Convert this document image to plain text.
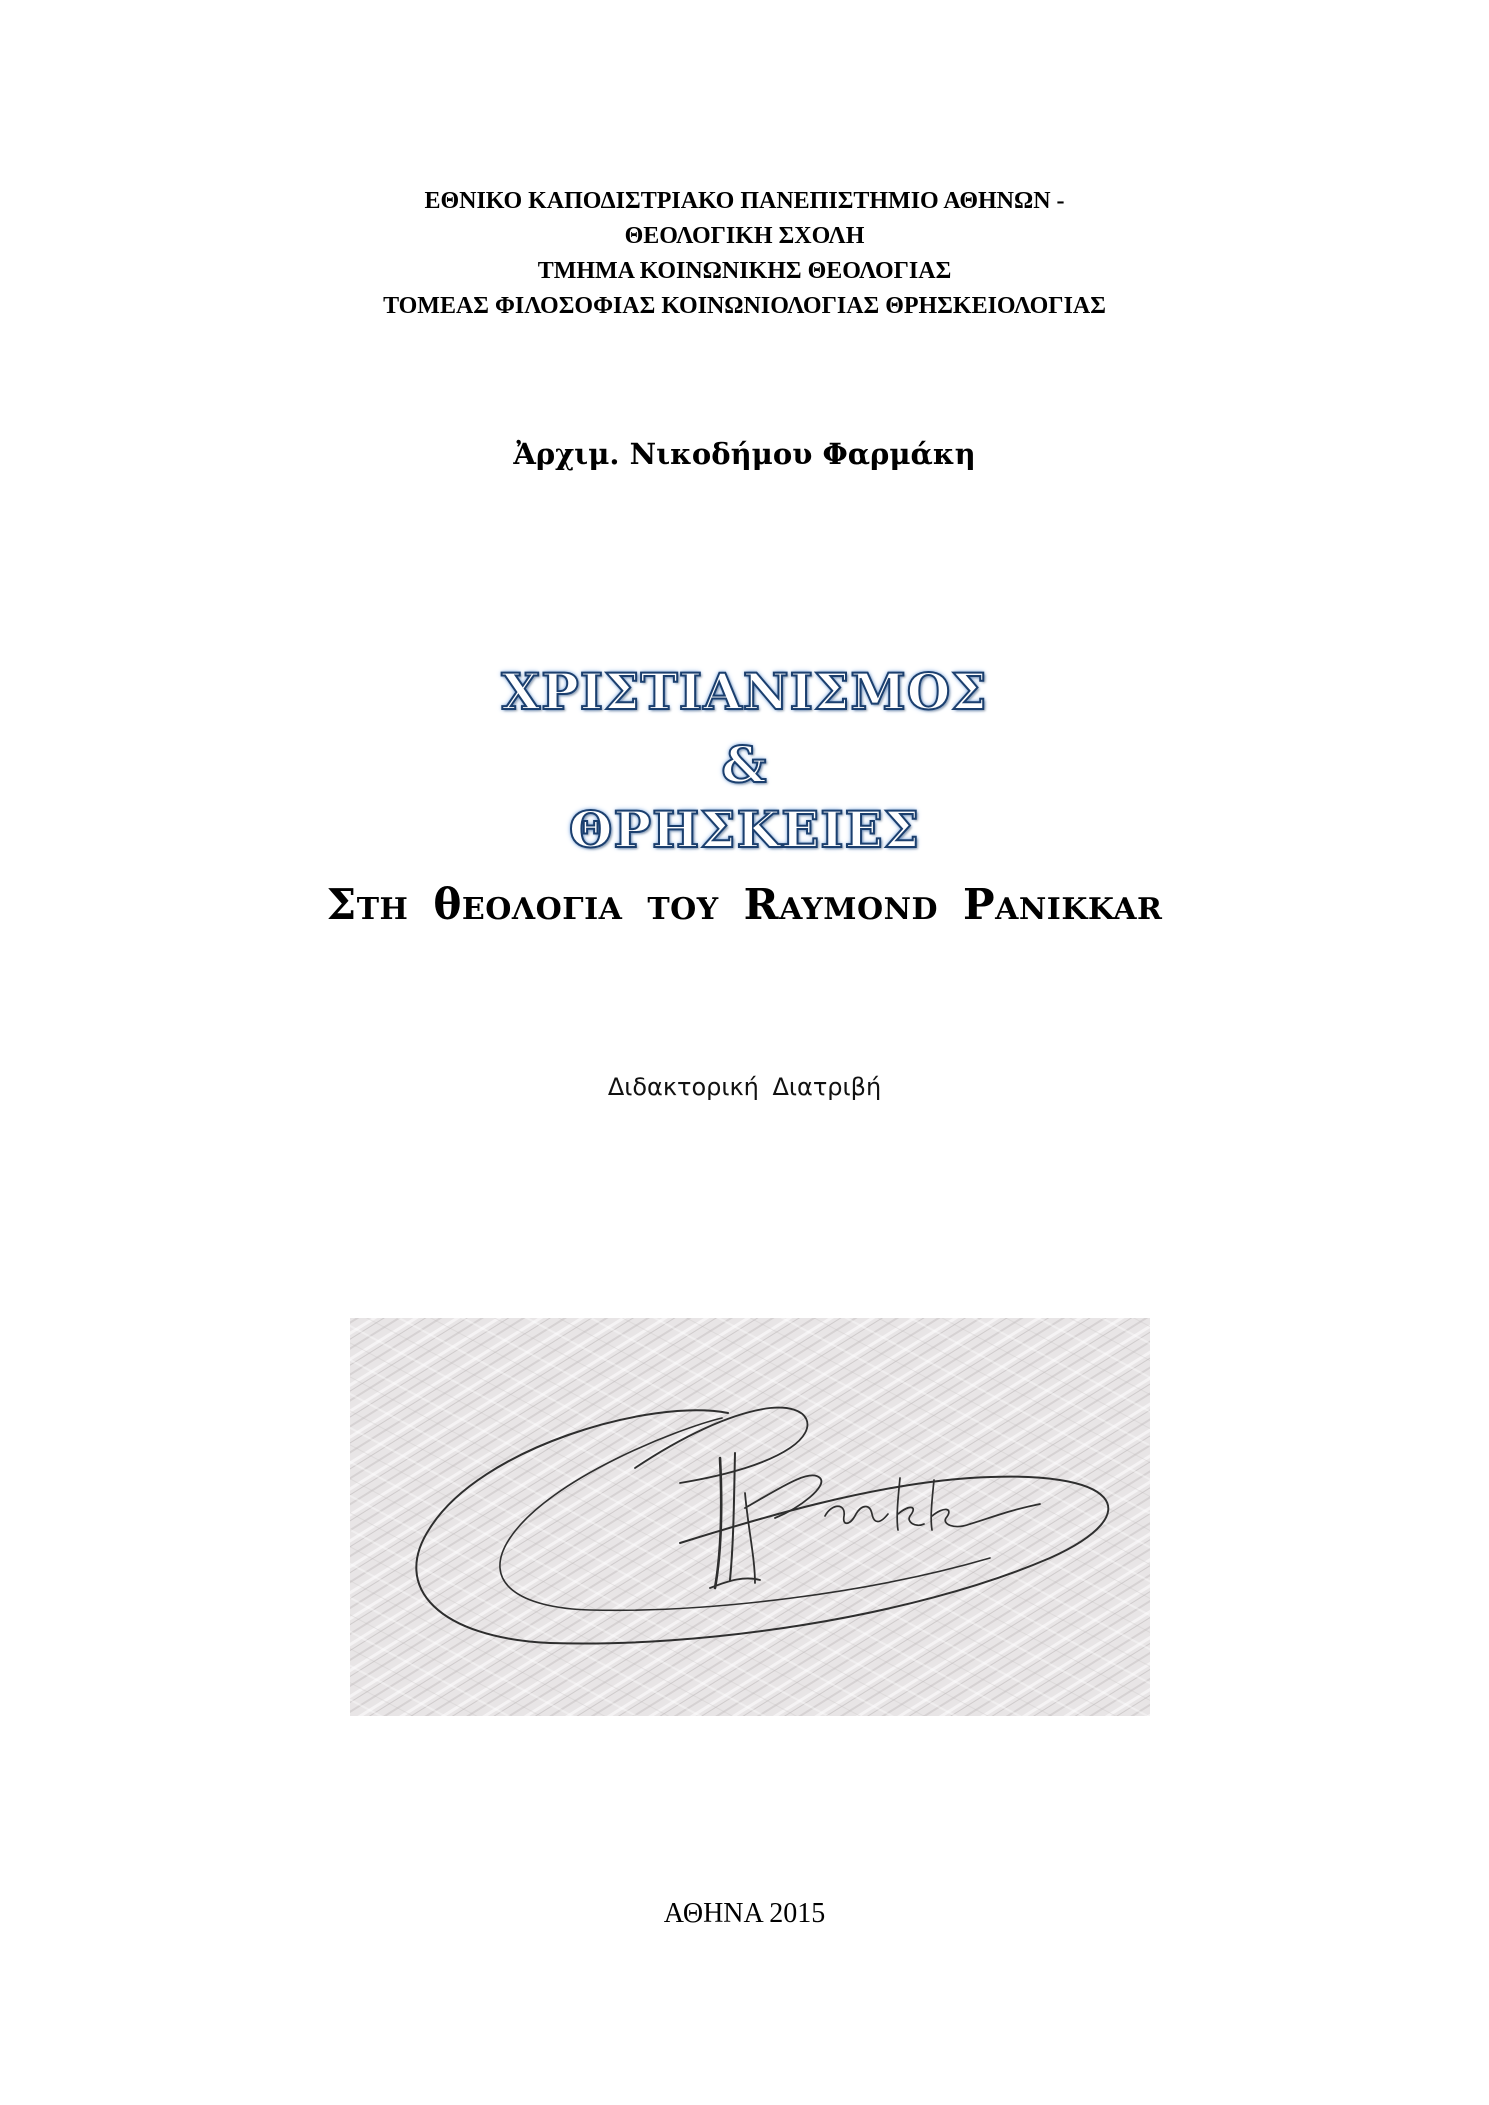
ΕΘΝΙΚΟ ΚΑΠΟΔΙΣΤΡΙΑΚΟ ΠΑΝΕΠΙΣΤΗΜΙΟ ΑΘΗΝΩΝ -
ΘΕΟΛΟΓΙΚΗ ΣΧΟΛΗ
ΤΜΗΜΑ ΚΟΙΝΩΝΙΚΗΣ ΘΕΟΛΟΓΙΑΣ
ΤΟΜΕΑΣ ΦΙΛΟΣΟΦΙΑΣ ΚΟΙΝΩΝΙΟΛΟΓΙΑΣ ΘΡΗΣΚΕΙΟΛΟΓΙΑΣ
Ἀρχιμ. Νικοδήμου Φαρμάκη
ΧΡΙΣΤΙΑΝΙΣΜΟΣ
&
ΘΡΗΣΚΕΙΕΣ
ΣΤΗ θΕΟΛΟΓΙΑ ΤΟΥ RAYMOND PANIKKAR
Διδακτορική Διατριβή
ΑΘΗΝΑ 2015
